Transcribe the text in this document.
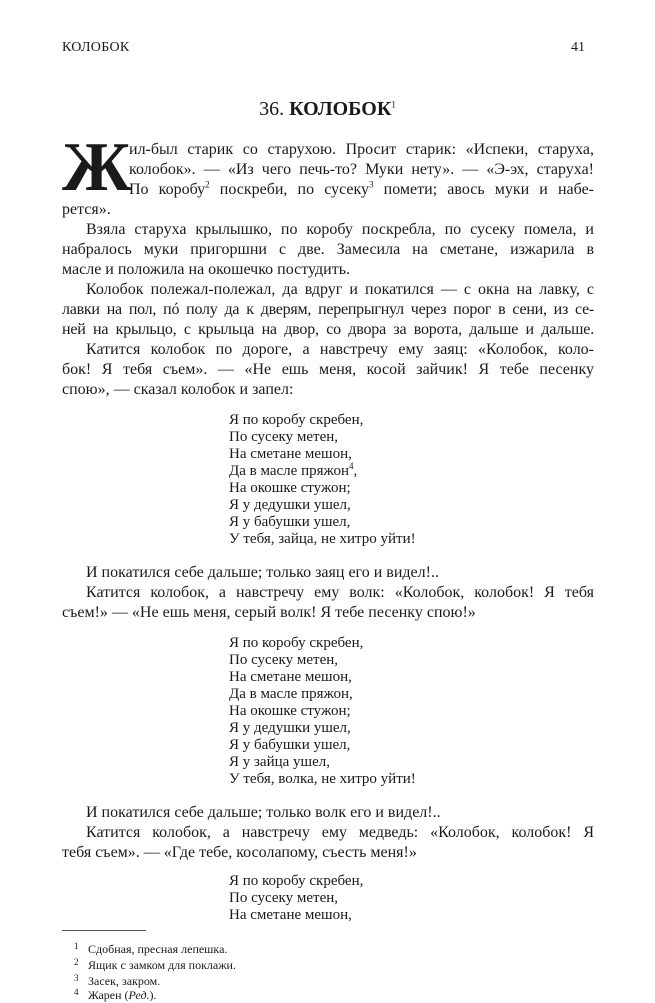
КОЛОБОК	41
36. КОЛОБОК$^1$
Ж
ил-был старик со старухою. Просит старик: «Испеки, старуха,
колобок». — «Из чего печь-то? Муки нету». — «Э-эх, старуха!
По коробу$^2$ поскреби, по сусеку$^3$ помети; авось муки и набе-
рется».
Взяла старуха крылышко, по коробу поскребла, по сусеку помела, и
набралось муки пригоршни с две. Замесила на сметане, изжарила в
масле и положила на окошечко постудить.
Колобок полежал-полежал, да вдруг и покатился — с окна на лавку, с
лавки на пол, пó полу да к дверям, перепрыгнул через порог в сени, из се-
ней на крыльцо, с крыльца на двор, со двора за ворота, дальше и дальше.
Катится колобок по дороге, а навстречу ему заяц: «Колобок, коло-
бок! Я тебя съем». — «Не ешь меня, косой зайчик! Я тебе песенку
спою», — сказал колобок и запел:
Я по коробу скребен,
По сусеку метен,
На сметане мешон,
Да в масле пряжон$^4$,
На окошке стужон;
Я у дедушки ушел,
Я у бабушки ушел,
У тебя, зайца, не хитро уйти!
И покатился себе дальше; только заяц его и видел!..
Катится колобок, а навстречу ему волк: «Колобок, колобок! Я тебя
съем!» — «Не ешь меня, серый волк! Я тебе песенку спою!»
Я по коробу скребен,
По сусеку метен,
На сметане мешон,
Да в масле пряжон,
На окошке стужон;
Я у дедушки ушел,
Я у бабушки ушел,
Я у зайца ушел,
У тебя, волка, не хитро уйти!
И покатился себе дальше; только волк его и видел!..
Катится колобок, а навстречу ему медведь: «Колобок, колобок! Я
тебя съем». — «Где тебе, косолапому, съесть меня!»
Я по коробу скребен,
По сусеку метен,
На сметане мешон,
1 Сдобная, пресная лепешка.
2 Ящик с замком для поклажи.
3 Засек, закром.
4 Жарен (Ред.).
